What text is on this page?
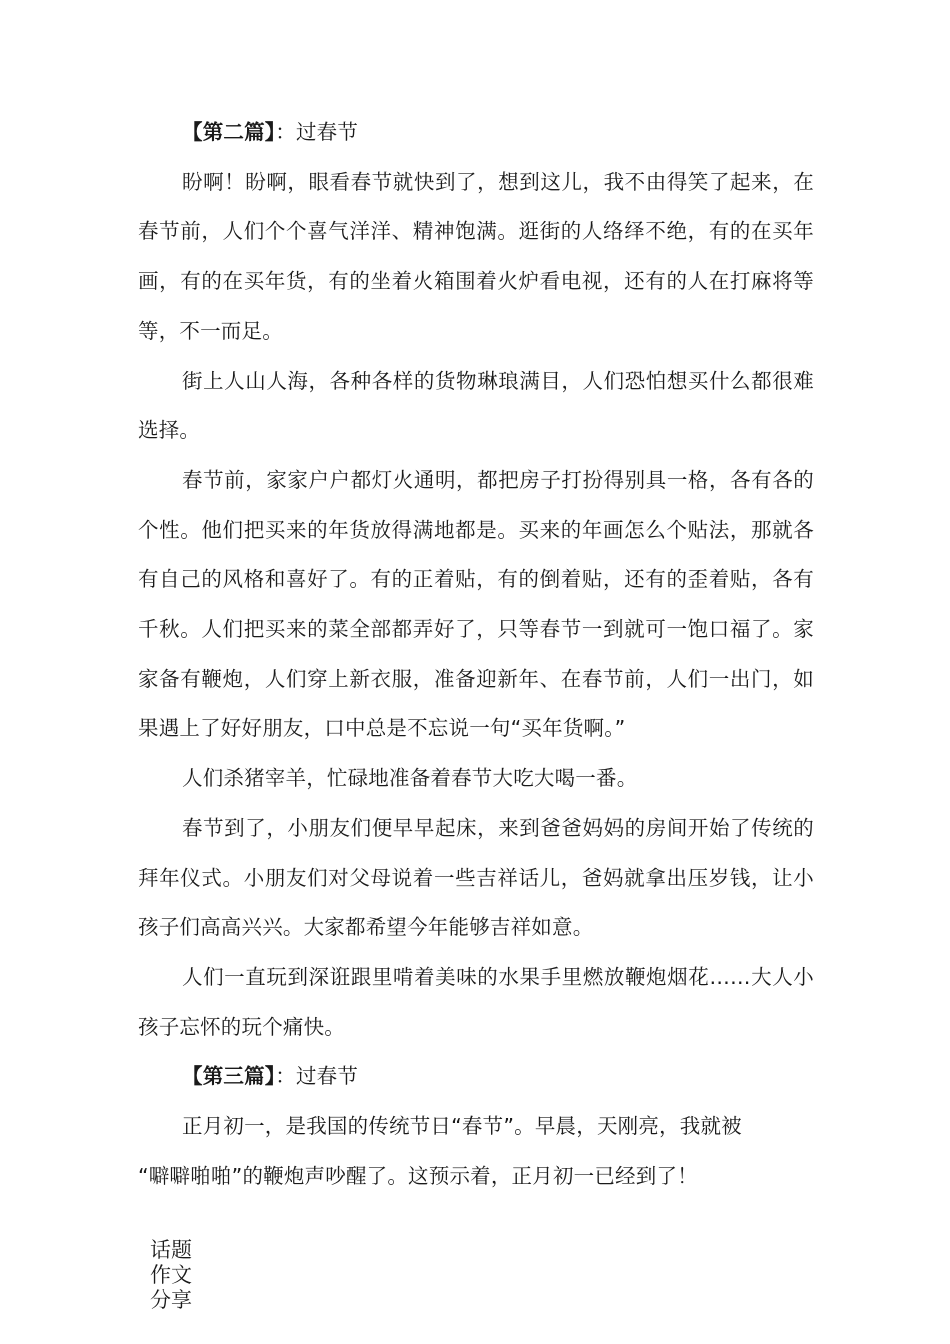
【第二篇】：过春节

盼啊！盼啊，眼看春节就快到了，想到这儿，我不由得笑了起来，在春节前，人们个个喜气洋洋、精神饱满。逛街的人络绎不绝，有的在买年画，有的在买年货，有的坐着火箱围着火炉看电视，还有的人在打麻将等等，不一而足。

街上人山人海，各种各样的货物琳琅满目，人们恐怕想买什么都很难选择。

春节前，家家户户都灯火通明，都把房子打扮得别具一格，各有各的个性。他们把买来的年货放得满地都是。买来的年画怎么个贴法，那就各有自己的风格和喜好了。有的正着贴，有的倒着贴，还有的歪着贴，各有千秋。人们把买来的菜全部都弄好了，只等春节一到就可一饱口福了。家家备有鞭炮，人们穿上新衣服，准备迎新年、在春节前，人们一出门，如果遇上了好好朋友，口中总是不忘说一句“买年货啊。”

人们杀猪宰羊，忙碌地准备着春节大吃大喝一番。

春节到了，小朋友们便早早起床，来到爸爸妈妈的房间开始了传统的拜年仪式。小朋友们对父母说着一些吉祥话儿，爸妈就拿出压岁钱，让小孩子们高高兴兴。大家都希望今年能够吉祥如意。

人们一直玩到深诳跟里啃着美味的水果手里燃放鞭炮烟花……大人小孩子忘怀的玩个痛快。

【第三篇】：过春节

正月初一，是我国的传统节日“春节”。早晨，天刚亮，我就被

“噼噼啪啪”的鞭炮声吵醒了。这预示着，正月初一已经到了！

话题
作文
分享
